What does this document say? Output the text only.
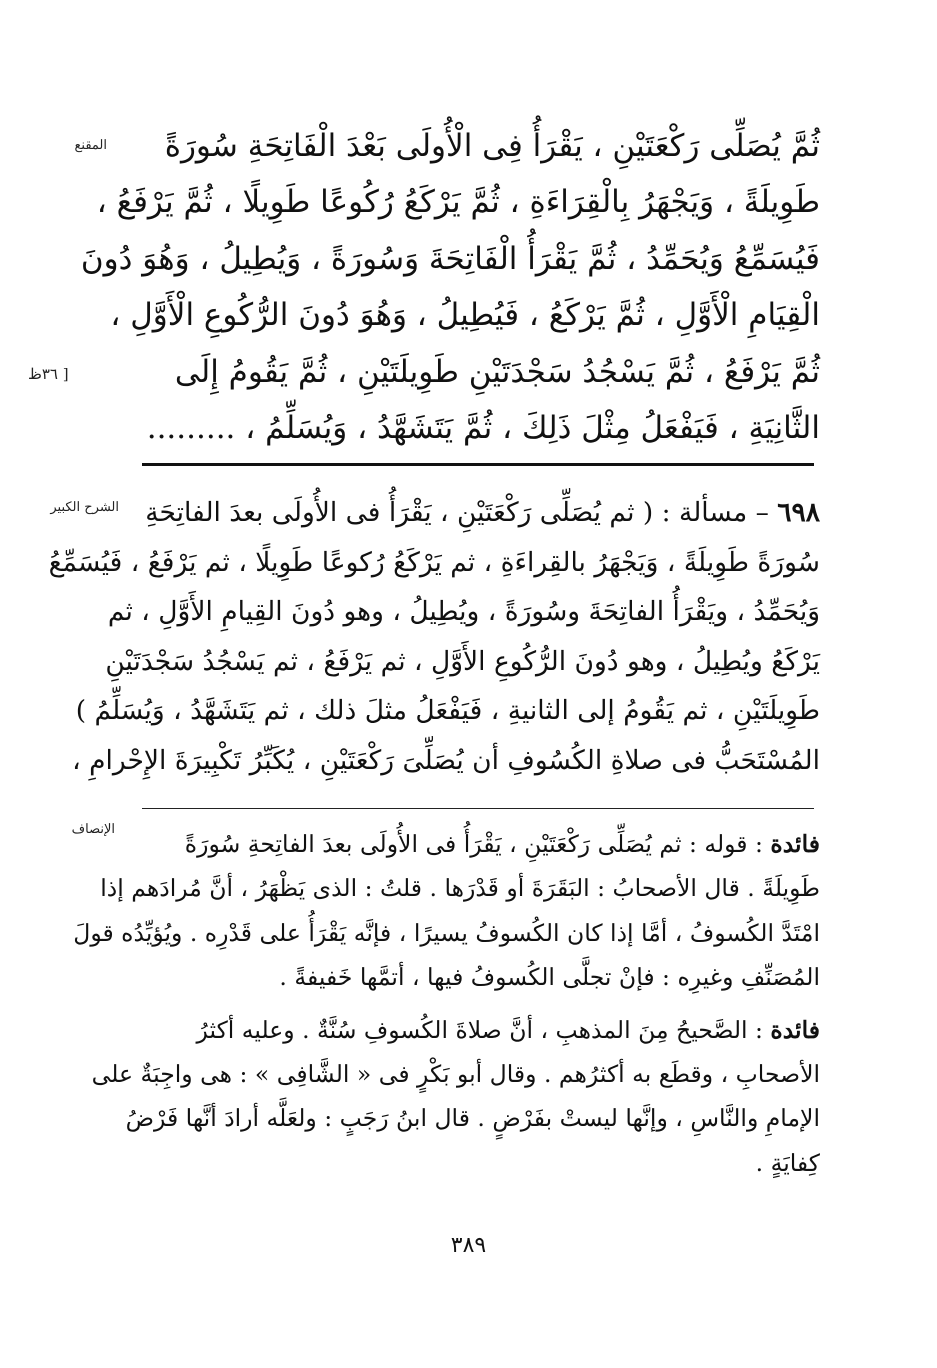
المقنع
[ ٣٦ظ
ثُمَّ يُصَلِّى رَكْعَتَيْنِ ، يَقْرَأُ فِى الْأُولَى بَعْدَ الْفَاتِحَةِ سُورَةً
طَوِيلَةً ، وَيَجْهَرُ بِالْقِرَاءَةِ ، ثُمَّ يَرْكَعُ رُكُوعًا طَوِيلًا ، ثُمَّ يَرْفَعُ ،
فَيُسَمِّعُ وَيُحَمِّدُ ، ثُمَّ يَقْرَأُ الْفَاتِحَةَ وَسُورَةً ، وَيُطِيلُ ، وَهُوَ دُونَ
الْقِيَامِ الْأَوَّلِ ، ثُمَّ يَرْكَعُ ، فَيُطِيلُ ، وَهُوَ دُونَ الرُّكُوعِ الْأَوَّلِ ،
ثُمَّ يَرْفَعُ ، ثُمَّ يَسْجُدُ سَجْدَتَيْنِ طَوِيلَتَيْنِ ، ثُمَّ يَقُومُ إِلَى
الثَّانِيَةِ ، فَيَفْعَلُ مِثْلَ ذَلِكَ ، ثُمَّ يَتَشَهَّدُ ، وَيُسَلِّمُ ، .........
الشرح الكبير	٦٩٨ – مسألة : ( ثم يُصَلِّى رَكْعَتَيْنِ ، يَقْرَأُ فى الأُولَى بعدَ الفاتِحَةِ
سُورَةً طَوِيلَةً ، وَيَجْهَرُ بالقِراءَةِ ، ثم يَرْكَعُ رُكوعًا طَوِيلًا ، ثم يَرْفَعُ ، فَيُسَمِّعُ
وَيُحَمِّدُ ، ويَقْرَأُ الفاتِحَةَ وسُورَةً ، ويُطِيلُ ، وهو دُونَ القِيامِ الأَوَّلِ ، ثم
يَرْكَعُ ويُطِيلُ ، وهو دُونَ الرُّكُوعِ الأَوَّلِ ، ثم يَرْفَعُ ، ثم يَسْجُدُ سَجْدَتَيْنِ
طَوِيلَتَيْنِ ، ثم يَقُومُ إلى الثانيةِ ، فَيَفْعَلُ مثلَ ذلك ، ثم يَتَشَهَّدُ ، وَيُسَلِّمُ )
المُسْتَحَبُّ فى صلاةِ الكُسُوفِ أن يُصَلِّىَ رَكْعَتَيْنِ ، يُكَبِّرُ تَكْبِيرَةَ الإِحْرامِ ،
الإنصاف
فائدة : قوله : ثم يُصَلِّى رَكْعَتَيْنِ ، يَقْرَأُ فى الأُولَى بعدَ الفاتِحةِ سُورَةً
طَوِيلَةً . قال الأصحابُ : البَقَرَةَ أو قَدْرَها . قلتُ : الذى يَظْهَرُ ، أنَّ مُرادَهم إذا
امْتَدَّ الكُسوفُ ، أمَّا إذا كان الكُسوفُ يسيرًا ، فإنَّه يَقْرَأُ على قَدْرِه . ويُؤيِّدُه قولَ
المُصَنِّفِ وغيرِه : فإنْ تجلَّى الكُسوفُ فيها ، أتمَّها خَفيفةً .
فائدة : الصَّحيحُ مِنَ المذهبِ ، أنَّ صلاةَ الكُسوفِ سُنَّةٌ . وعليه أكثرُ
الأصحابِ ، وقطَع به أكثرُهم . وقال أبو بَكْرٍ فى « الشَّافِى » : هى واجِبَةٌ على
الإمامِ والنَّاسِ ، وإنَّها ليستْ بفَرْضٍ . قال ابنُ رَجَبٍ : ولعَلَّه أرادَ أنَّها فَرْضُ
كِفايَةٍ .
٣٨٩
